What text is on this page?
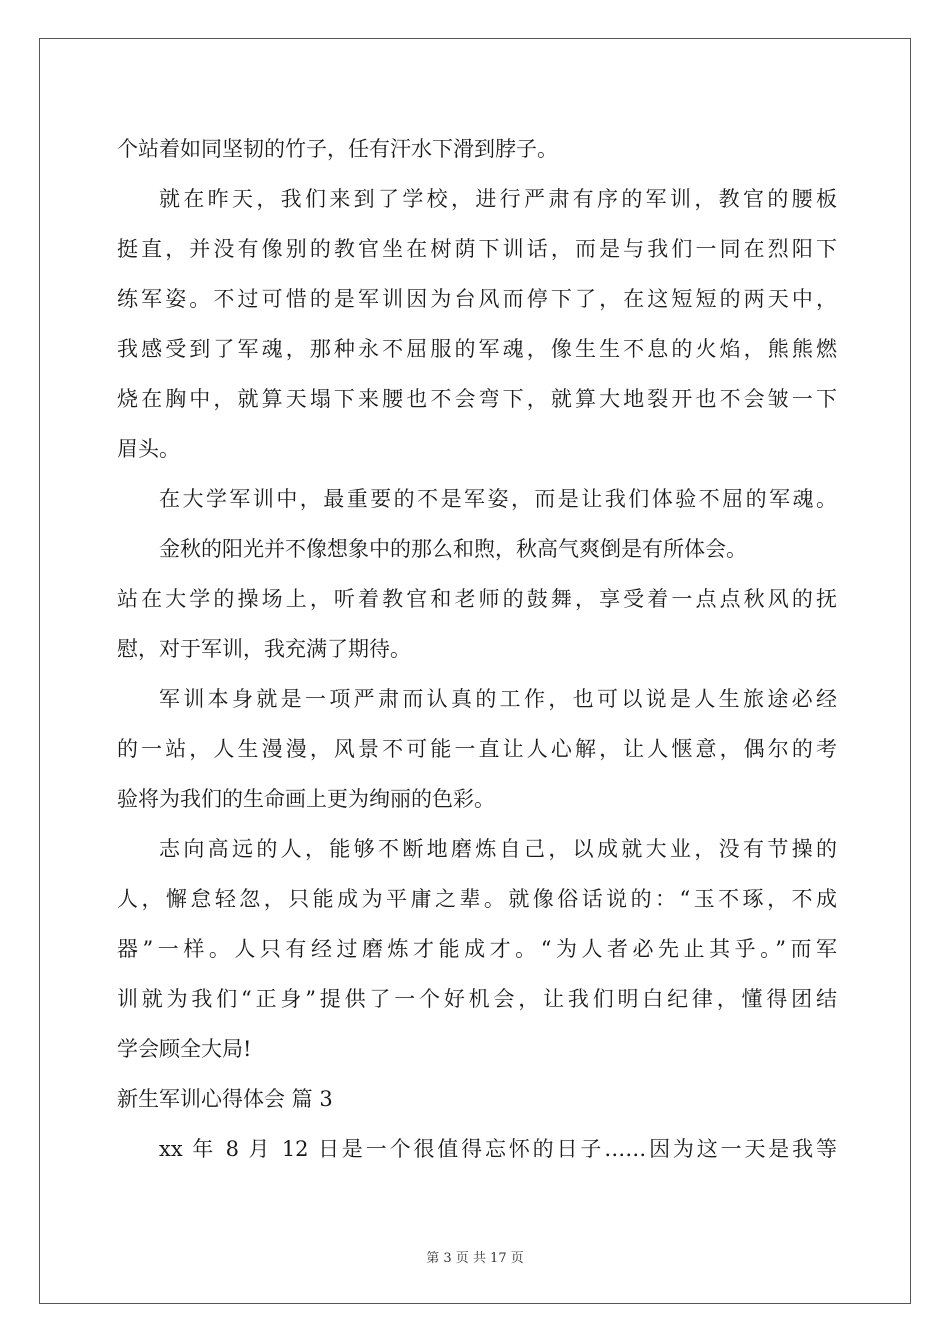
个站着如同坚韧的竹子，任有汗水下滑到脖子。
就在昨天，我们来到了学校，进行严肃有序的军训，教官的腰板
挺直，并没有像别的教官坐在树荫下训话，而是与我们一同在烈阳下
练军姿。不过可惜的是军训因为台风而停下了，在这短短的两天中，
我感受到了军魂，那种永不屈服的军魂，像生生不息的火焰，熊熊燃
烧在胸中，就算天塌下来腰也不会弯下，就算大地裂开也不会皱一下
眉头。
在大学军训中，最重要的不是军姿，而是让我们体验不屈的军魂。
金秋的阳光并不像想象中的那么和煦，秋高气爽倒是有所体会。
站在大学的操场上，听着教官和老师的鼓舞，享受着一点点秋风的抚
慰，对于军训，我充满了期待。
军训本身就是一项严肃而认真的工作，也可以说是人生旅途必经
的一站，人生漫漫，风景不可能一直让人心解，让人惬意，偶尔的考
验将为我们的生命画上更为绚丽的色彩。
志向高远的人，能够不断地磨炼自己，以成就大业，没有节操的
人，懈怠轻忽，只能成为平庸之辈。就像俗话说的：“玉不琢，不成
器”一样。人只有经过磨炼才能成才。“为人者必先止其乎。”而军
训就为我们“正身”提供了一个好机会，让我们明白纪律，懂得团结
学会顾全大局!
新生军训心得体会 篇 3
xx 年 8 月 12 日是一个很值得忘怀的日子……因为这一天是我等
第 3 页 共 17 页
